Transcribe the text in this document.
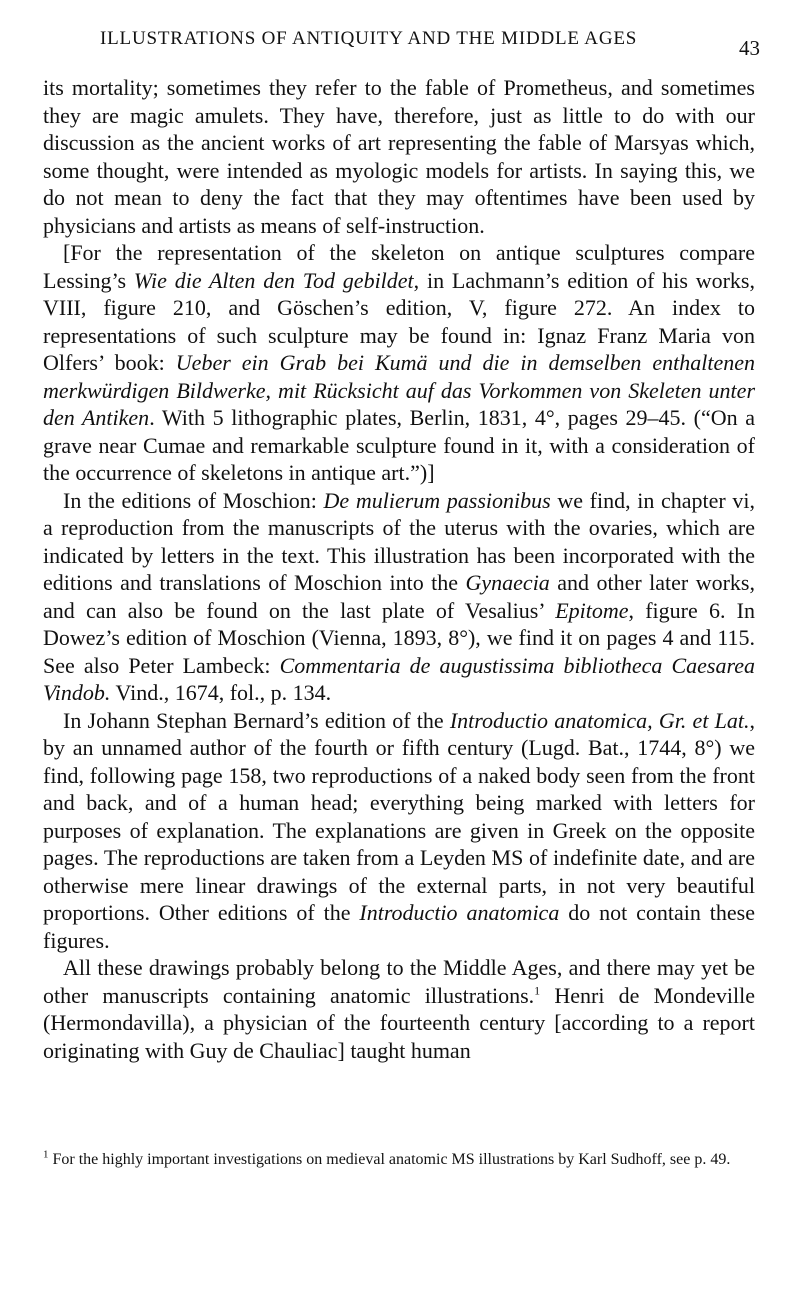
ILLUSTRATIONS OF ANTIQUITY AND THE MIDDLE AGES	43

its mortality; sometimes they refer to the fable of Prometheus, and sometimes they are magic amulets. They have, therefore, just as little to do with our discussion as the ancient works of art representing the fable of Marsyas which, some thought, were intended as myologic models for artists. In saying this, we do not mean to deny the fact that they may oftentimes have been used by physicians and artists as means of self-instruction.

[For the representation of the skeleton on antique sculptures compare Lessing’s Wie die Alten den Tod gebildet, in Lachmann’s edition of his works, VIII, figure 210, and Göschen’s edition, V, figure 272. An index to representations of such sculpture may be found in: Ignaz Franz Maria von Olfers’ book: Ueber ein Grab bei Kumä und die in demselben enthaltenen merkwürdigen Bildwerke, mit Rücksicht auf das Vorkommen von Skeleten unter den Antiken. With 5 lithographic plates, Berlin, 1831, 4°, pages 29–45. (“On a grave near Cumae and remarkable sculpture found in it, with a consideration of the occurrence of skeletons in antique art.”)]

In the editions of Moschion: De mulierum passionibus we find, in chapter vi, a reproduction from the manuscripts of the uterus with the ovaries, which are indicated by letters in the text. This illustration has been incorporated with the editions and translations of Moschion into the Gynaecia and other later works, and can also be found on the last plate of Vesalius’ Epitome, figure 6. In Dowez’s edition of Moschion (Vienna, 1893, 8°), we find it on pages 4 and 115. See also Peter Lambeck: Commentaria de augustissima bibliotheca Caesarea Vindob. Vind., 1674, fol., p. 134.

In Johann Stephan Bernard’s edition of the Introductio anatomica, Gr. et Lat., by an unnamed author of the fourth or fifth century (Lugd. Bat., 1744, 8°) we find, following page 158, two reproductions of a naked body seen from the front and back, and of a human head; everything being marked with letters for purposes of explanation. The explanations are given in Greek on the opposite pages. The reproductions are taken from a Leyden MS of indefinite date, and are otherwise mere linear drawings of the external parts, in not very beautiful proportions. Other editions of the Introductio anatomica do not contain these figures.

All these drawings probably belong to the Middle Ages, and there may yet be other manuscripts containing anatomic illustrations.$^1$ Henri de Mondeville (Hermondavilla), a physician of the fourteenth century [according to a report originating with Guy de Chauliac] taught human

$^1$ For the highly important investigations on medieval anatomic MS illustrations by Karl Sudhoff, see p. 49.
